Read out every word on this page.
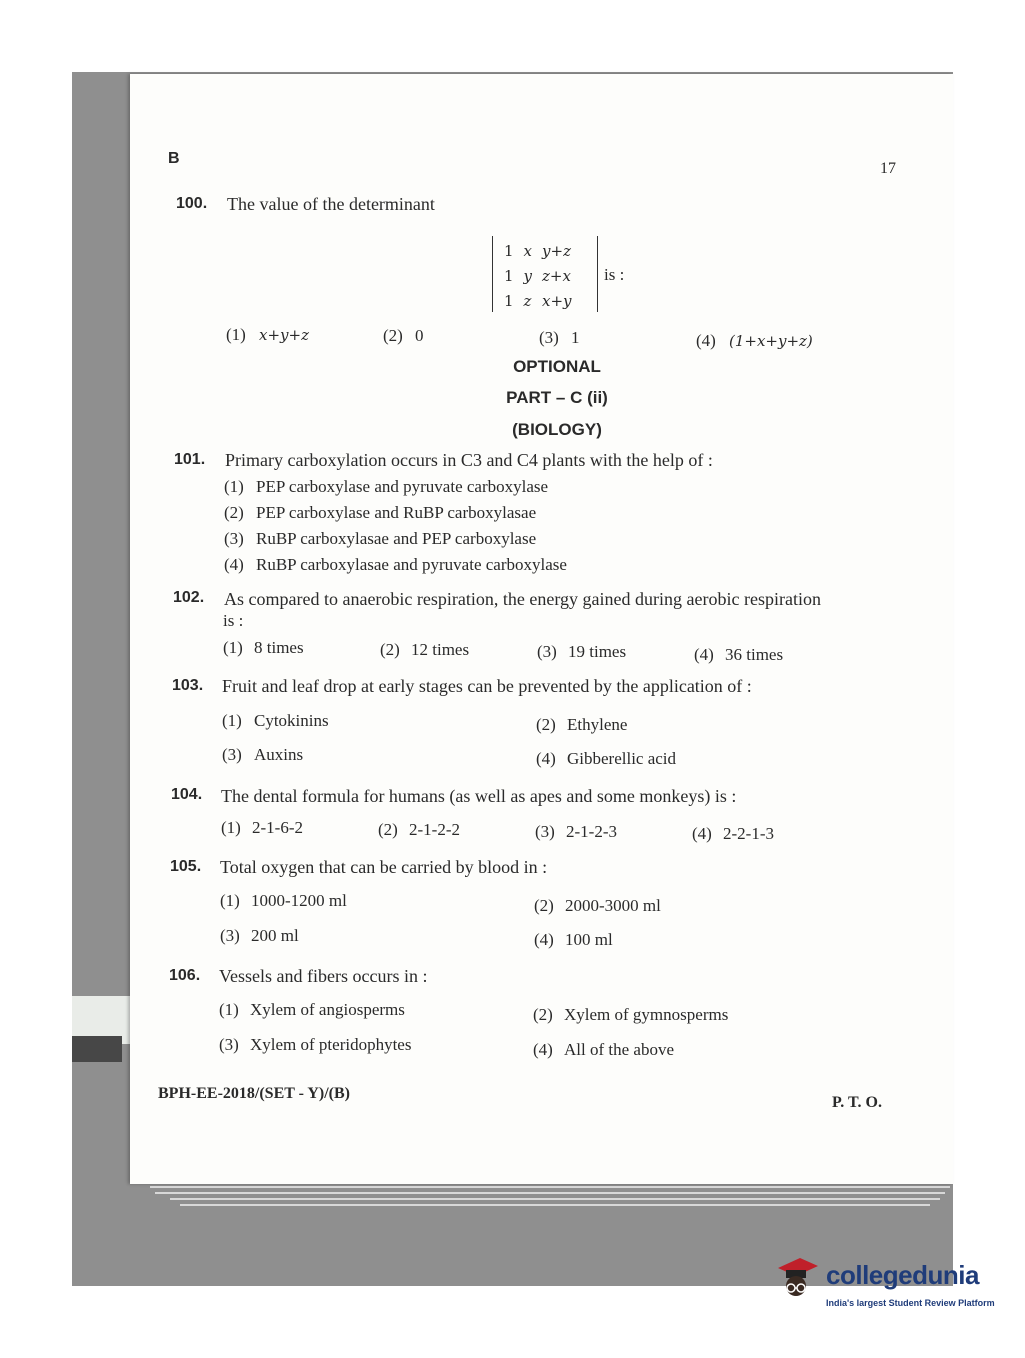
B
17
100. The value of the determinant
1	x	y+z
1	y	z+x
1	z	x+y
is :
(1) x+y+z	(2) 0	(3) 1	(4) (1+x+y+z)
OPTIONAL
PART – C (ii)
(BIOLOGY)
101. Primary carboxylation occurs in C3 and C4 plants with the help of :
(1) PEP carboxylase and pyruvate carboxylase
(2) PEP carboxylase and RuBP carboxylasae
(3) RuBP carboxylasae and PEP carboxylase
(4) RuBP carboxylasae and pyruvate carboxylase
102. As compared to anaerobic respiration, the energy gained during aerobic respiration
is :
(1) 8 times	(2) 12 times	(3) 19 times	(4) 36 times
103. Fruit and leaf drop at early stages can be prevented by the application of :
(1) Cytokinins	(2) Ethylene
(3) Auxins	(4) Gibberellic acid
104. The dental formula for humans (as well as apes and some monkeys) is :
(1) 2-1-6-2	(2) 2-1-2-2	(3) 2-1-2-3	(4) 2-2-1-3
105. Total oxygen that can be carried by blood in :
(1) 1000-1200 ml	(2) 2000-3000 ml
(3) 200 ml	(4) 100 ml
106. Vessels and fibers occurs in :
(1) Xylem of angiosperms	(2) Xylem of gymnosperms
(3) Xylem of pteridophytes	(4) All of the above
BPH-EE-2018/(SET - Y)/(B)
P. T. O.
collegedunia
India's largest Student Review Platform
